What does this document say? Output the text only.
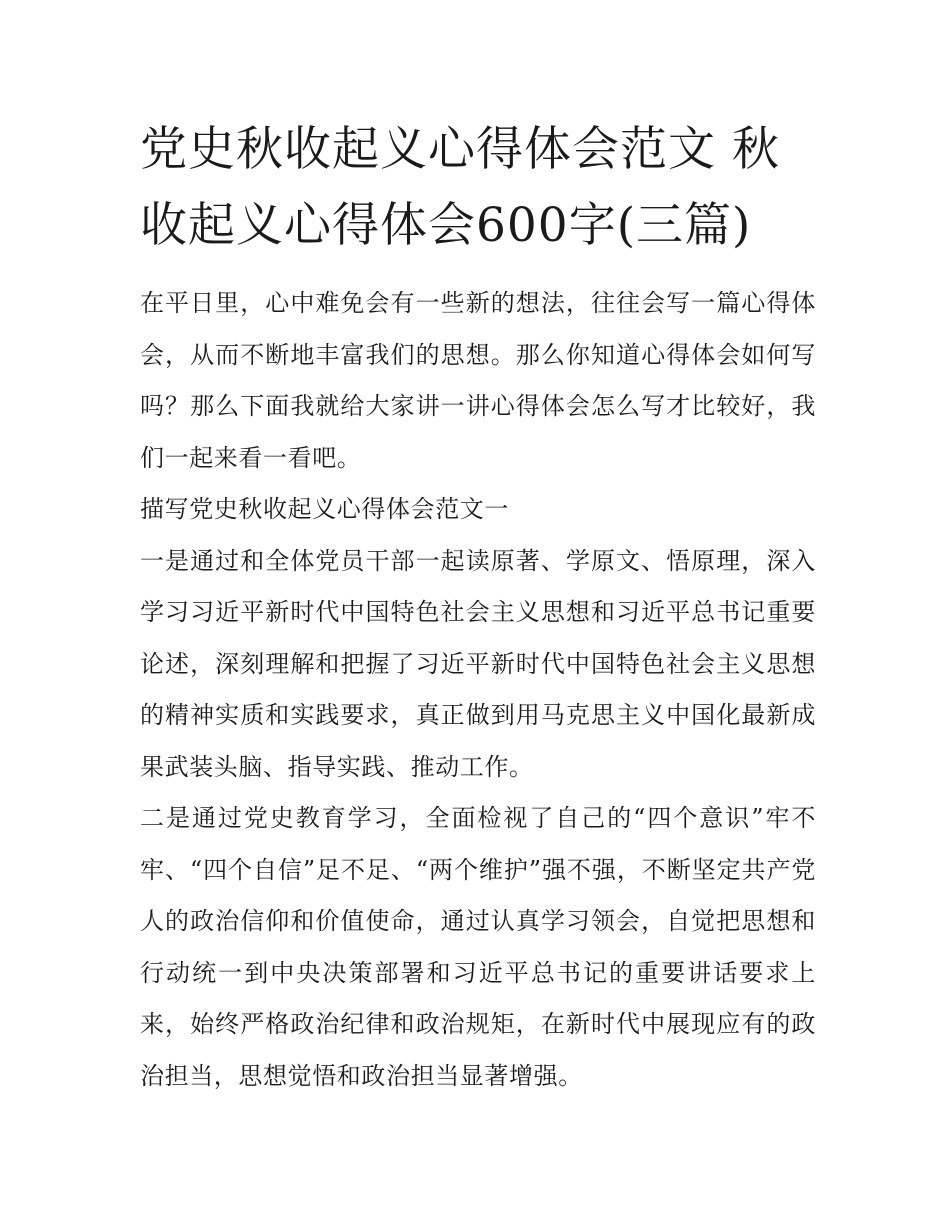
党史秋收起义心得体会范文 秋收起义心得体会600字(三篇)

在平日里，心中难免会有一些新的想法，往往会写一篇心得体会，从而不断地丰富我们的思想。那么你知道心得体会如何写吗？那么下面我就给大家讲一讲心得体会怎么写才比较好，我们一起来看一看吧。

描写党史秋收起义心得体会范文一

一是通过和全体党员干部一起读原著、学原文、悟原理，深入学习习近平新时代中国特色社会主义思想和习近平总书记重要论述，深刻理解和把握了习近平新时代中国特色社会主义思想的精神实质和实践要求，真正做到用马克思主义中国化最新成果武装头脑、指导实践、推动工作。

二是通过党史教育学习，全面检视了自己的“四个意识”牢不牢、“四个自信”足不足、“两个维护”强不强，不断坚定共产党人的政治信仰和价值使命，通过认真学习领会，自觉把思想和行动统一到中央决策部署和习近平总书记的重要讲话要求上来，始终严格政治纪律和政治规矩，在新时代中展现应有的政治担当，思想觉悟和政治担当显著增强。
